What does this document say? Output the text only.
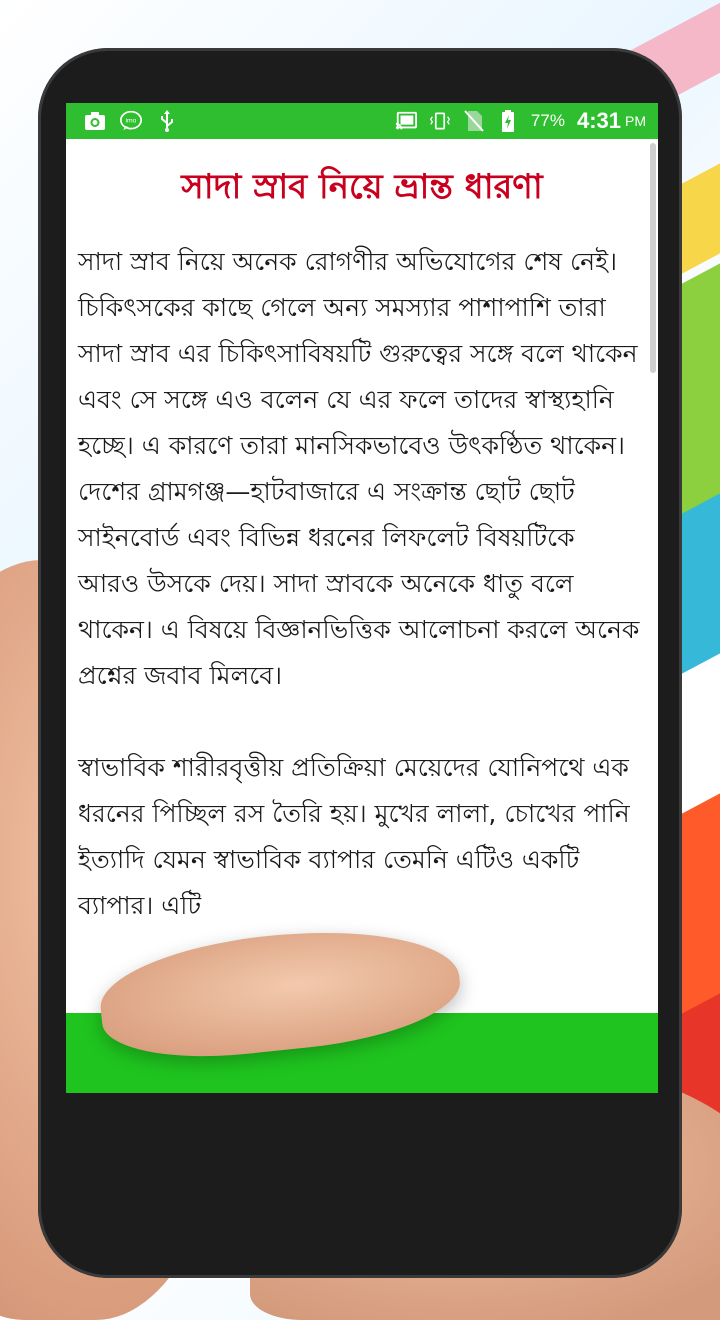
imo	77% 4:31 PM
সাদা স্রাব নিয়ে ভ্রান্ত ধারণা
সাদা স্রাব নিয়ে অনেক রোগণীর অভিযোগের শেষ নেই। চিকিৎসকের কাছে গেলে অন্য সমস্যার পাশাপাশি তারা সাদা স্রাব এর চিকিৎসাবিষয়টি গুরুত্বের সঙ্গে বলে থাকেন এবং সে সঙ্গে এও বলেন যে এর ফলে তাদের স্বাস্থ্যহানি হচ্ছে। এ কারণে তারা মানসিকভাবেও উৎকণ্ঠিত থাকেন। দেশের গ্রামগঞ্জ—হাটবাজারে এ সংক্রান্ত ছোট ছোট সাইনবোর্ড এবং বিভিন্ন ধরনের লিফলেট বিষয়টিকে আরও উসকে দেয়। সাদা স্রাবকে অনেকে ধাতু বলে থাকেন। এ বিষয়ে বিজ্ঞানভিত্তিক আলোচনা করলে অনেক প্রশ্নের জবাব মিলবে।
স্বাভাবিক শারীরবৃত্তীয় প্রতিক্রিয়া মেয়েদের যোনিপথে এক ধরনের পিচ্ছিল রস তৈরি হয়। মুখের লালা, চোখের পানি ইত্যাদি যেমন স্বাভাবিক ব্যাপার তেমনি এটিও একটি ব্যাপার। এটি
